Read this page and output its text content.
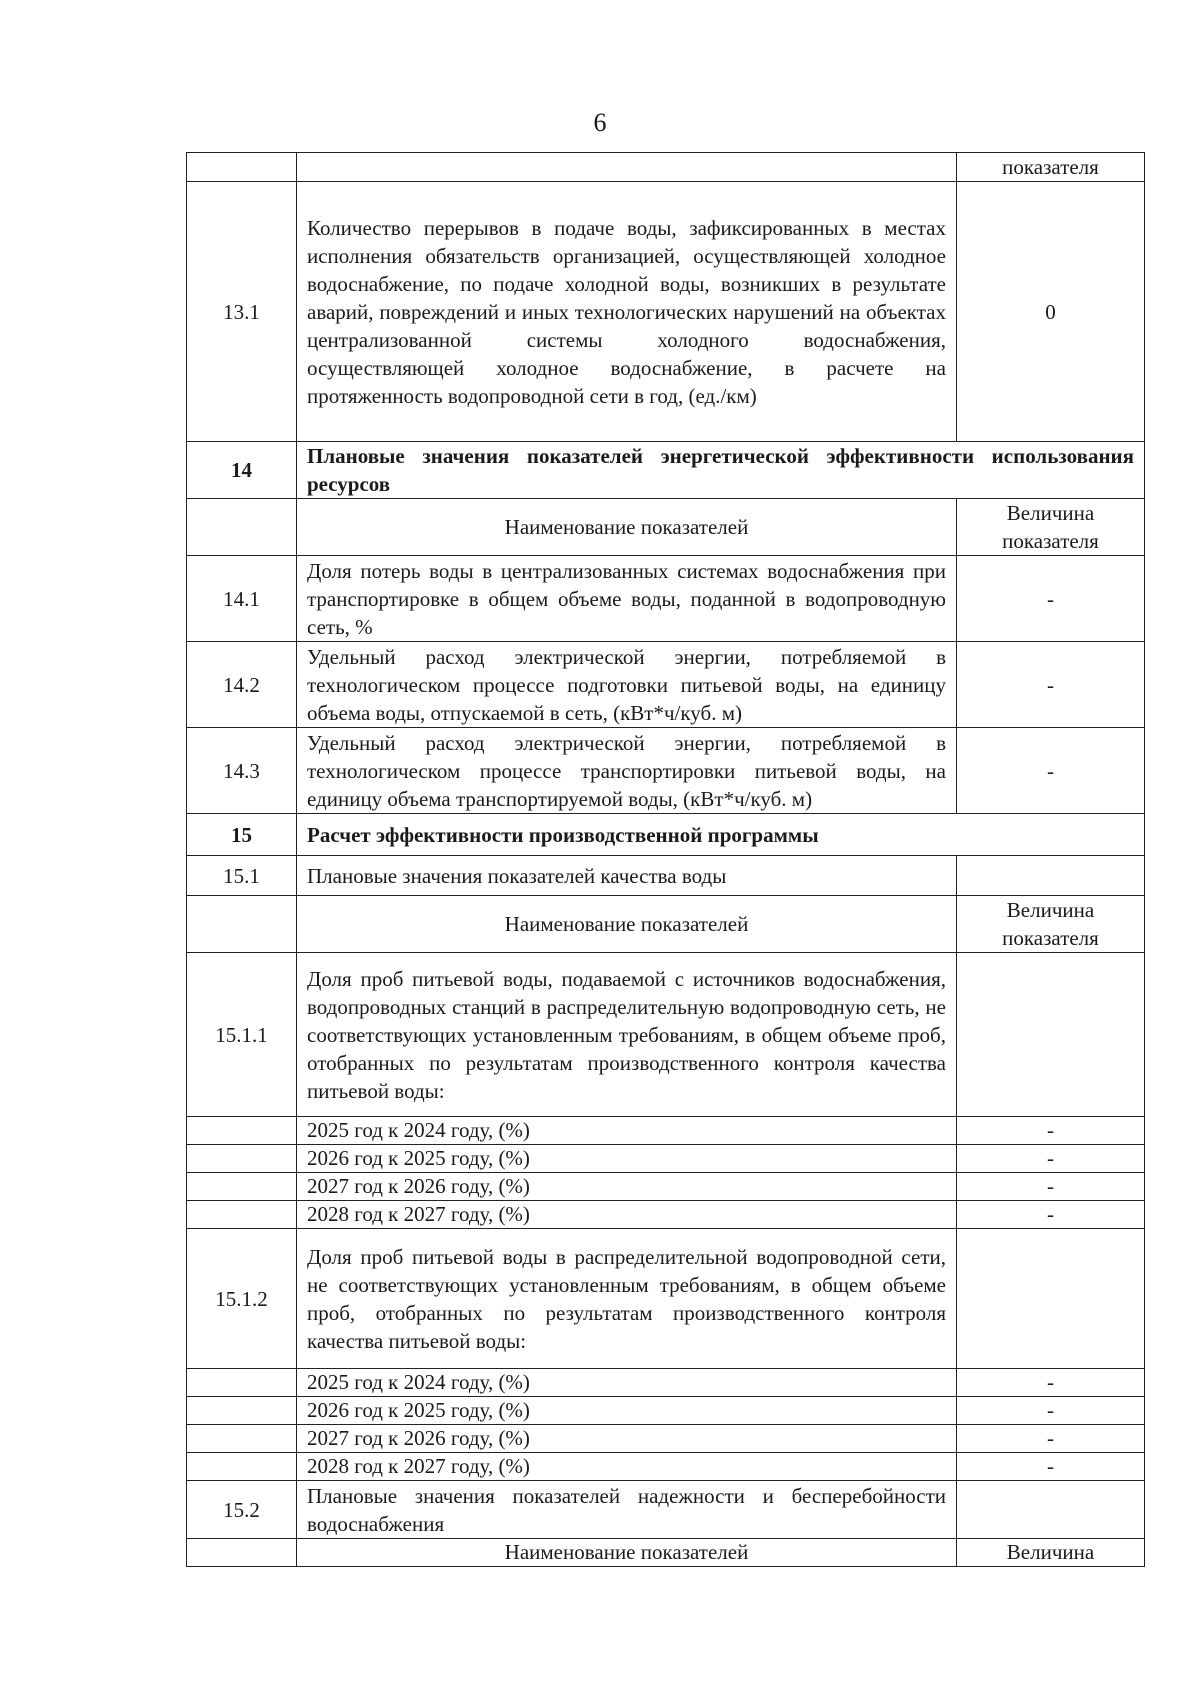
6
		показателя
13.1	Количество перерывов в подаче воды, зафиксированных в местах исполнения обязательств организацией, осуществляющей холодное водоснабжение, по подаче холодной воды, возникших в результате аварий, повреждений и иных технологических нарушений на объектах централизованной системы холодного водоснабжения, осуществляющей холодное водоснабжение, в расчете на протяженность водопроводной сети в год, (ед./км)	0
14	Плановые значения показателей энергетической эффективности использования ресурсов	
	Наименование показателей	Величина показателя
14.1	Доля потерь воды в централизованных системах водоснабжения при транспортировке в общем объеме воды, поданной в водопроводную сеть, %	-
14.2	Удельный расход электрической энергии, потребляемой в технологическом процессе подготовки питьевой воды, на единицу объема воды, отпускаемой в сеть, (кВт*ч/куб. м)	-
14.3	Удельный расход электрической энергии, потребляемой в технологическом процессе транспортировки питьевой воды, на единицу объема транспортируемой воды, (кВт*ч/куб. м)	-
15	Расчет эффективности производственной программы	
15.1	Плановые значения показателей качества воды	
	Наименование показателей	Величина показателя
15.1.1	Доля проб питьевой воды, подаваемой с источников водоснабжения, водопроводных станций в распределительную водопроводную сеть, не соответствующих установленным требованиям, в общем объеме проб, отобранных по результатам производственного контроля качества питьевой воды:	
	2025 год к 2024 году, (%)	-
	2026 год к 2025 году, (%)	-
	2027 год к 2026 году, (%)	-
	2028 год к 2027 году, (%)	-
15.1.2	Доля проб питьевой воды в распределительной водопроводной сети, не соответствующих установленным требованиям, в общем объеме проб, отобранных по результатам производственного контроля качества питьевой воды:	
	2025 год к 2024 году, (%)	-
	2026 год к 2025 году, (%)	-
	2027 год к 2026 году, (%)	-
	2028 год к 2027 году, (%)	-
15.2	Плановые значения показателей надежности и бесперебойности водоснабжения	
	Наименование показателей	Величина
